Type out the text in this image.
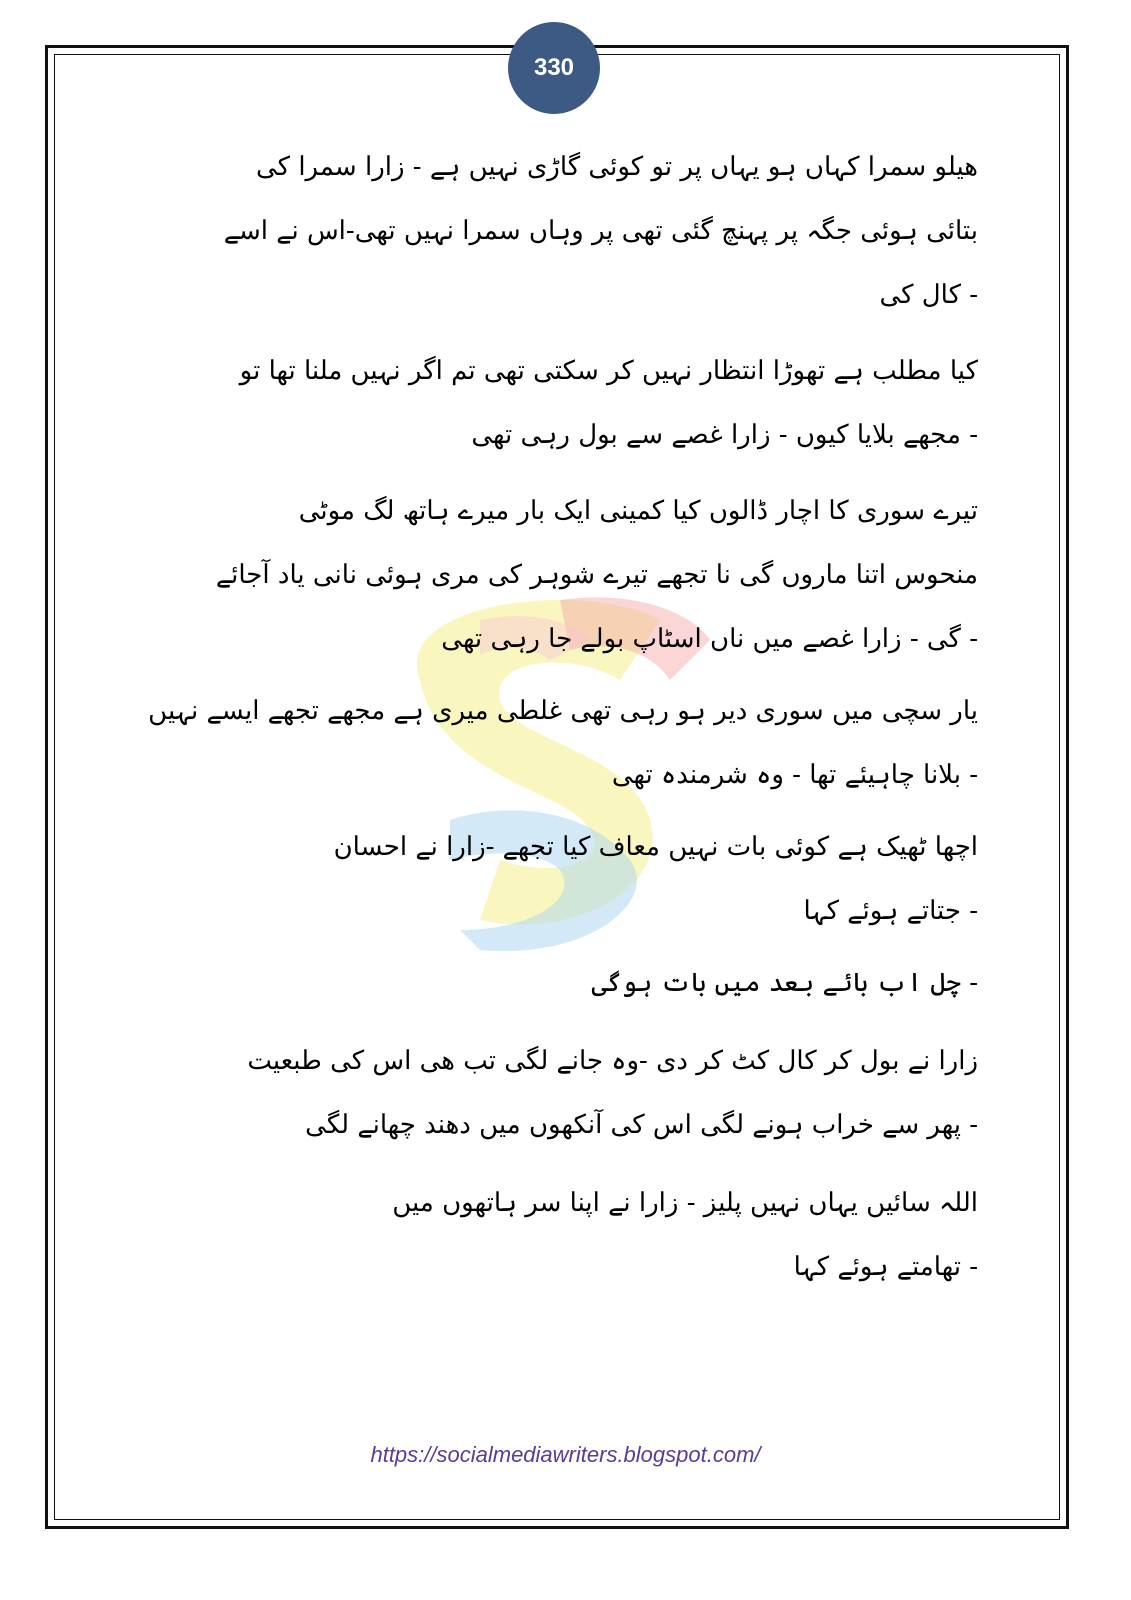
330
ھیلو سمرا کہاں ہو یہاں پر تو کوئی گاڑی نہیں ہے - زارا سمرا کی
بتائی ہوئی جگہ پر پہنچ گئی تھی پر وہاں سمرا نہیں تھی-اس نے اسے
- کال کی
کیا مطلب ہے تھوڑا انتظار نہیں کر سکتی تھی تم اگر نہیں ملنا تھا تو
- مجھے بلایا کیوں - زارا غصے سے بول رہی تھی
تیرے سوری کا اچار ڈالوں کیا کمینی ایک بار میرے ہاتھ لگ موٹی
منحوس اتنا ماروں گی نا تجھے تیرے شوہر کی مری ہوئی نانی یاد آجائے
- گی - زارا غصے میں ناں اسٹاپ بولے جا رہی تھی
یار سچی میں سوری دیر ہو رہی تھی غلطی میری ہے مجھے تجھے ایسے نہیں
- بلانا چاہیئے تھا - وہ شرمندہ تھی
اچھا ٹھیک ہے کوئی بات نہیں معاف کیا تجھے -زارا نے احسان
- جتاتے ہوئے کہا
- چل اب بائے بعد میں بات ہوگی
زارا نے بول کر کال کٹ کر دی -وہ جانے لگی تب ھی اس کی طبعیت
- پھر سے خراب ہونے لگی اس کی آنکھوں میں دھند چھانے لگی
اللہ سائیں یہاں نہیں پلیز - زارا نے اپنا سر ہاتھوں میں
- تھامتے ہوئے کہا
https://socialmediawriters.blogspot.com/
